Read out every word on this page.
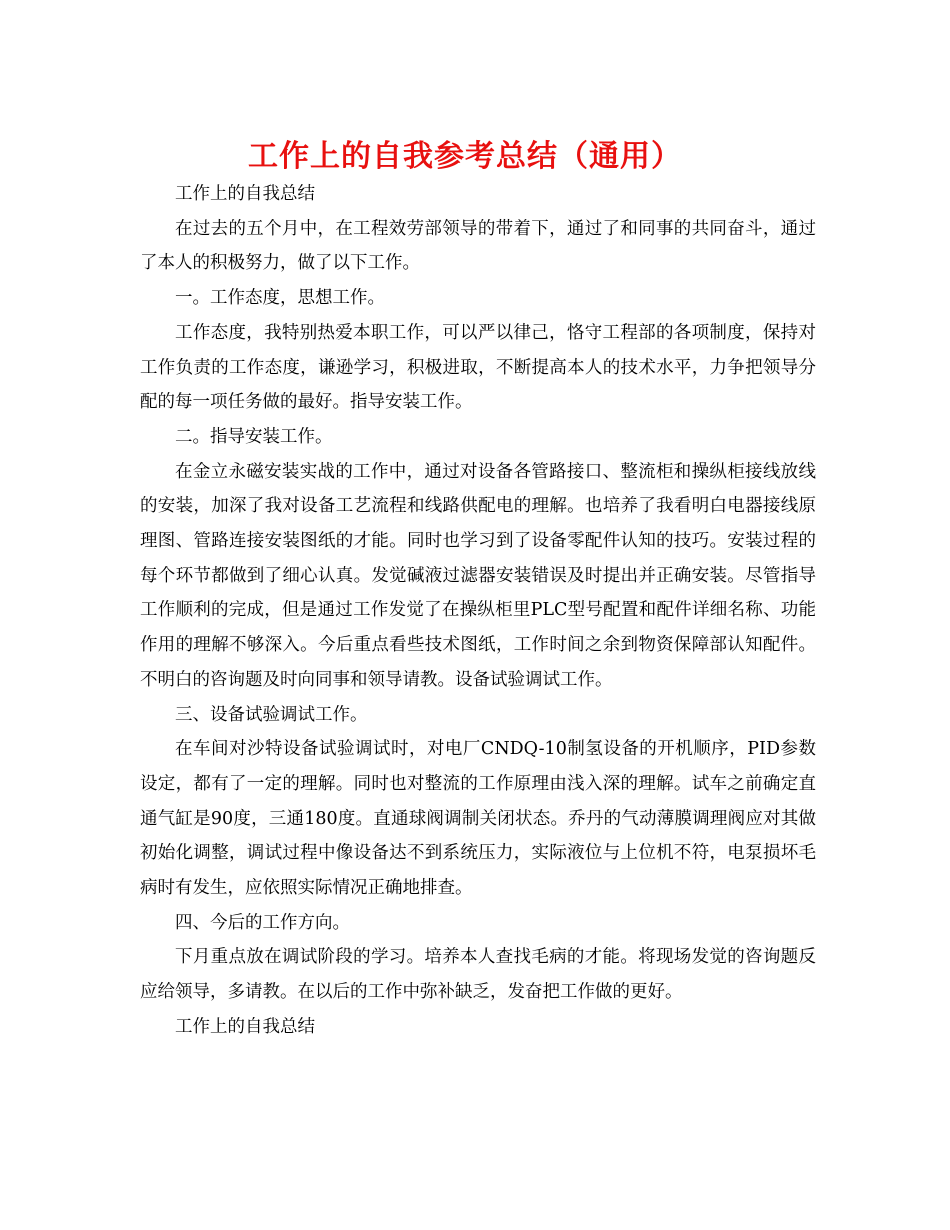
工作上的自我参考总结（通用）

工作上的自我总结

在过去的五个月中，在工程效劳部领导的带着下，通过了和同事的共同奋斗，通过了本人的积极努力，做了以下工作。

一。工作态度，思想工作。

工作态度，我特别热爱本职工作，可以严以律己，恪守工程部的各项制度，保持对工作负责的工作态度，谦逊学习，积极进取，不断提高本人的技术水平，力争把领导分配的每一项任务做的最好。指导安装工作。

二。指导安装工作。

在金立永磁安装实战的工作中，通过对设备各管路接口、整流柜和操纵柜接线放线的安装，加深了我对设备工艺流程和线路供配电的理解。也培养了我看明白电器接线原理图、管路连接安装图纸的才能。同时也学习到了设备零配件认知的技巧。安装过程的每个环节都做到了细心认真。发觉碱液过滤器安装错误及时提出并正确安装。尽管指导工作顺利的完成，但是通过工作发觉了在操纵柜里PLC型号配置和配件详细名称、功能作用的理解不够深入。今后重点看些技术图纸，工作时间之余到物资保障部认知配件。不明白的咨询题及时向同事和领导请教。设备试验调试工作。

三、设备试验调试工作。

在车间对沙特设备试验调试时，对电厂CNDQ-10制氢设备的开机顺序，PID参数设定，都有了一定的理解。同时也对整流的工作原理由浅入深的理解。试车之前确定直通气缸是90度，三通180度。直通球阀调制关闭状态。乔丹的气动薄膜调理阀应对其做初始化调整，调试过程中像设备达不到系统压力，实际液位与上位机不符，电泵损坏毛病时有发生，应依照实际情况正确地排查。

四、今后的工作方向。

下月重点放在调试阶段的学习。培养本人查找毛病的才能。将现场发觉的咨询题反应给领导，多请教。在以后的工作中弥补缺乏，发奋把工作做的更好。

工作上的自我总结
